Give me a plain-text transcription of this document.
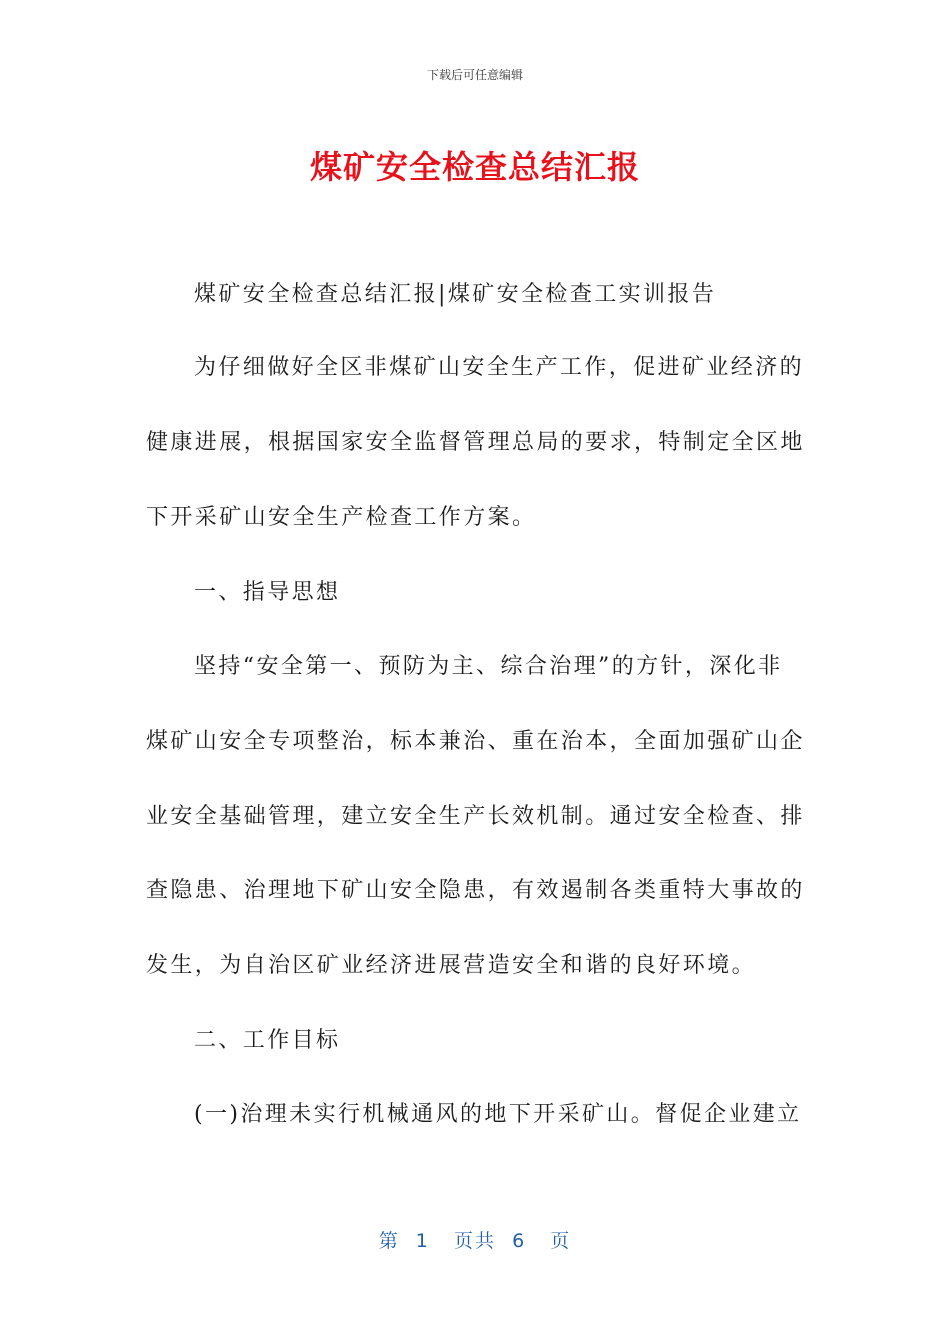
下载后可任意编辑
煤矿安全检查总结汇报
煤矿安全检查总结汇报|煤矿安全检查工实训报告
为仔细做好全区非煤矿山安全生产工作，促进矿业经济的
健康进展，根据国家安全监督管理总局的要求，特制定全区地
下开采矿山安全生产检查工作方案。
一、指导思想
坚持“安全第一、预防为主、综合治理”的方针，深化非
煤矿山安全专项整治，标本兼治、重在治本，全面加强矿山企
业安全基础管理，建立安全生产长效机制。通过安全检查、排
查隐患、治理地下矿山安全隐患，有效遏制各类重特大事故的
发生，为自治区矿业经济进展营造安全和谐的良好环境。
二、工作目标
(一)治理未实行机械通风的地下开采矿山。督促企业建立
第  1   页共  6   页
